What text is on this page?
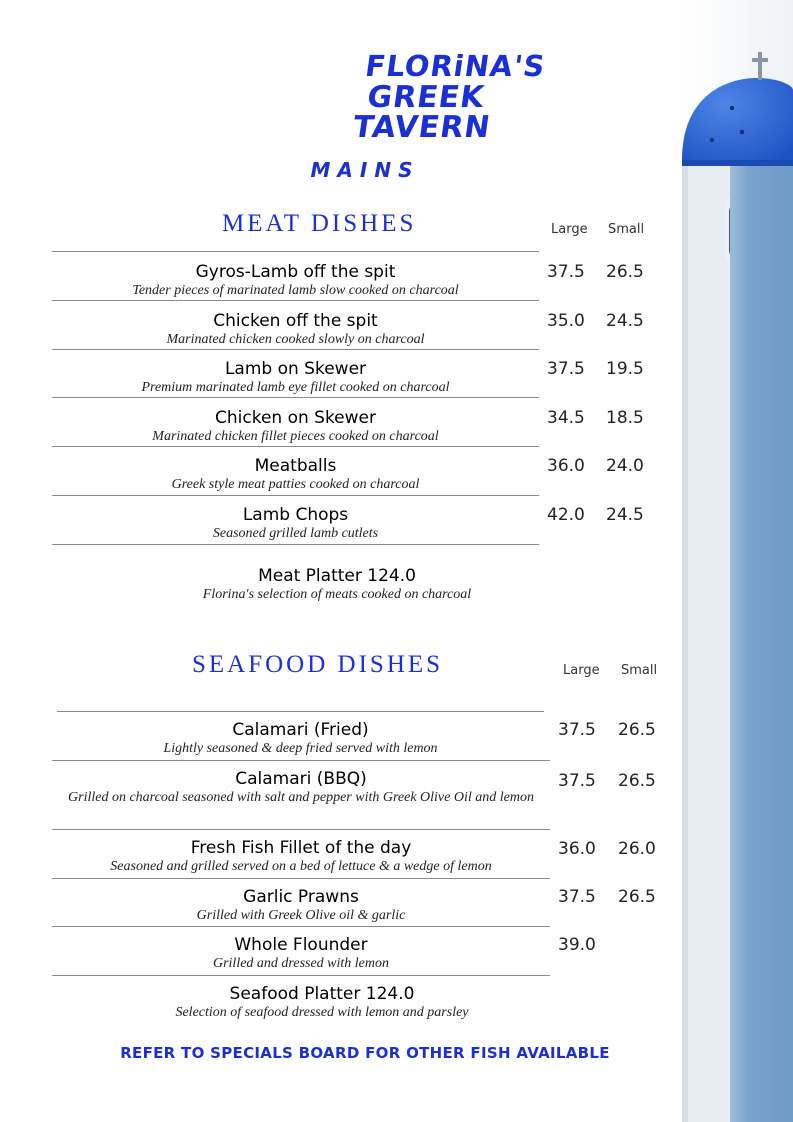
FLORiNA'S
GREEK TAVERN
MAINS
MEAT DISHES	Large Small
Gyros-Lamb off the spit
Tender pieces of marinated lamb slow cooked on charcoal
37.5 26.5
Chicken off the spit
Marinated chicken cooked slowly on charcoal
35.0 24.5
Lamb on Skewer
Premium marinated lamb eye fillet cooked on charcoal
37.5 19.5
Chicken on Skewer
Marinated chicken fillet pieces cooked on charcoal
34.5 18.5
Meatballs
Greek style meat patties cooked on charcoal
36.0 24.0
Lamb Chops
Seasoned grilled lamb cutlets
42.0 24.5
Meat Platter 124.0
Florina's selection of meats cooked on charcoal
SEAFOOD DISHES	Large Small
Calamari (Fried)
Lightly seasoned & deep fried served with lemon
37.5 26.5
Calamari (BBQ)
Grilled on charcoal seasoned with salt and pepper with Greek Olive Oil and lemon
37.5 26.5
Fresh Fish Fillet of the day
Seasoned and grilled served on a bed of lettuce & a wedge of lemon
36.0 26.0
Garlic Prawns
Grilled with Greek Olive oil & garlic
37.5 26.5
Whole Flounder
Grilled and dressed with lemon
39.0
Seafood Platter 124.0
Selection of seafood dressed with lemon and parsley
REFER TO SPECIALS BOARD FOR OTHER FISH AVAILABLE
